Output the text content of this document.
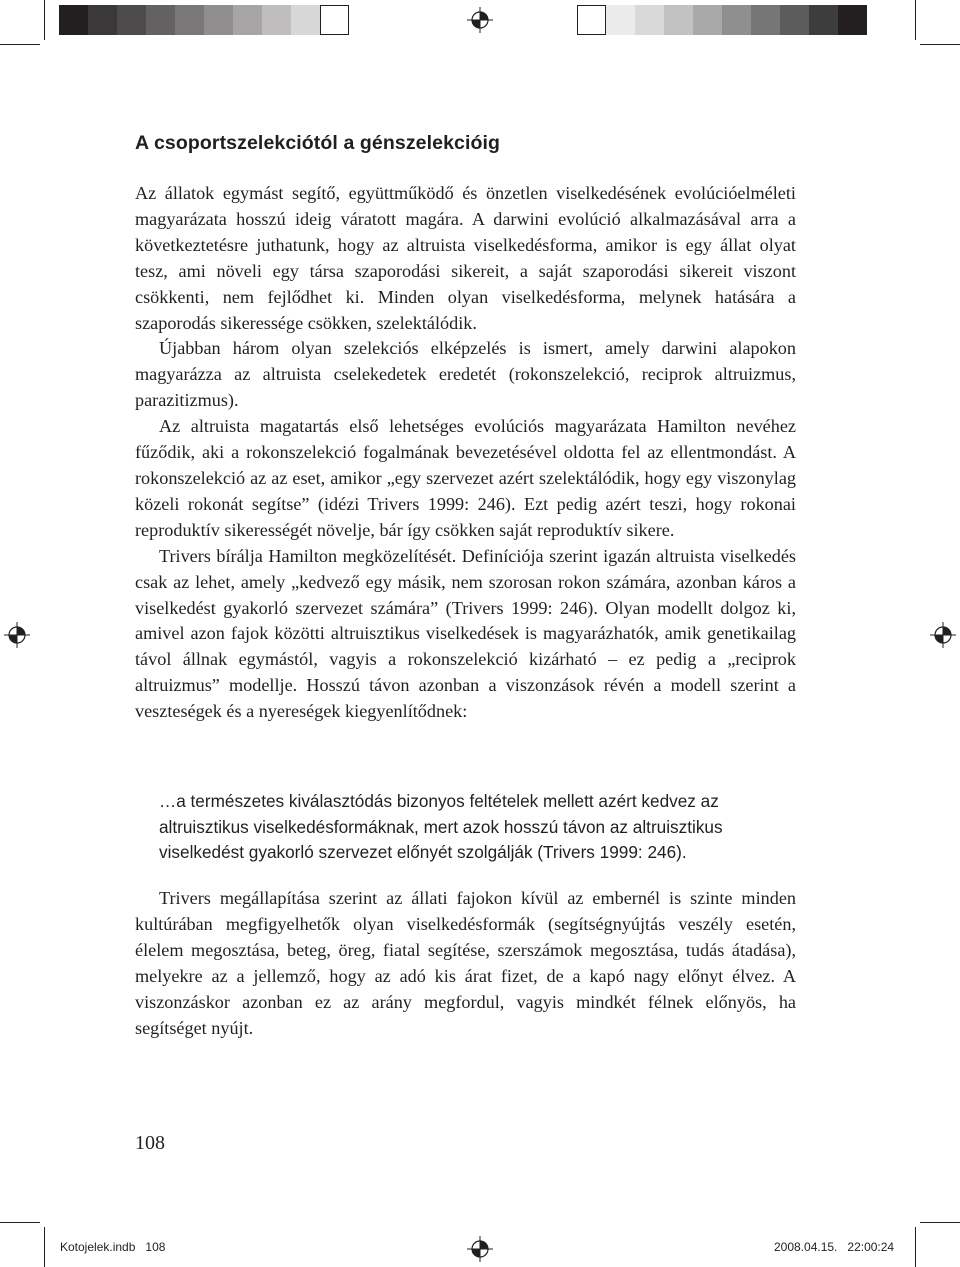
A csoportszelekciótól a génszelekcióig

Az állatok egymást segítő, együttműködő és önzetlen viselkedésének evolúcióelméleti magyarázata hosszú ideig váratott magára. A darwini evolúció alkalmazásával arra a következtetésre juthatunk, hogy az altruista viselkedésforma, amikor is egy állat olyat tesz, ami növeli egy társa szaporodási sikereit, a saját szaporodási sikereit viszont csökkenti, nem fejlődhet ki. Minden olyan viselkedésforma, melynek hatására a szaporodás sikeressége csökken, szelektálódik.

Újabban három olyan szelekciós elképzelés is ismert, amely darwini alapokon magyarázza az altruista cselekedetek eredetét (rokonszelekció, reciprok altruizmus, parazitizmus).

Az altruista magatartás első lehetséges evolúciós magyarázata Hamilton nevéhez fűződik, aki a rokonszelekció fogalmának bevezetésével oldotta fel az ellentmondást. A rokonszelekció az az eset, amikor „egy szervezet azért szelektálódik, hogy egy viszonylag közeli rokonát segítse” (idézi Trivers 1999: 246). Ezt pedig azért teszi, hogy rokonai reproduktív sikerességét növelje, bár így csökken saját reproduktív sikere.

Trivers bírálja Hamilton megközelítését. Definíciója szerint igazán altruista viselkedés csak az lehet, amely „kedvező egy másik, nem szorosan rokon számára, azonban káros a viselkedést gyakorló szervezet számára” (Trivers 1999: 246). Olyan modellt dolgoz ki, amivel azon fajok közötti altruisztikus viselkedések is magyarázhatók, amik genetikailag távol állnak egymástól, vagyis a rokonszelekció kizárható – ez pedig a „reciprok altruizmus” modellje. Hosszú távon azonban a viszonzások révén a modell szerint a veszteségek és a nyereségek kiegyenlítődnek:

…a természetes kiválasztódás bizonyos feltételek mellett azért kedvez az altruisztikus viselkedésformáknak, mert azok hosszú távon az altruisztikus viselkedést gyakorló szervezet előnyét szolgálják (Trivers 1999: 246).

Trivers megállapítása szerint az állati fajokon kívül az embernél is szinte minden kultúrában megfigyelhetők olyan viselkedésformák (segítségnyújtás veszély esetén, élelem megosztása, beteg, öreg, fiatal segítése, szerszámok megosztása, tudás átadása), melyekre az a jellemző, hogy az adó kis árat fizet, de a kapó nagy előnyt élvez. A viszonzáskor azonban ez az arány megfordul, vagyis mindkét félnek előnyös, ha segítséget nyújt.

108
Kotojelek.indb   108	2008.04.15.   22:00:24
